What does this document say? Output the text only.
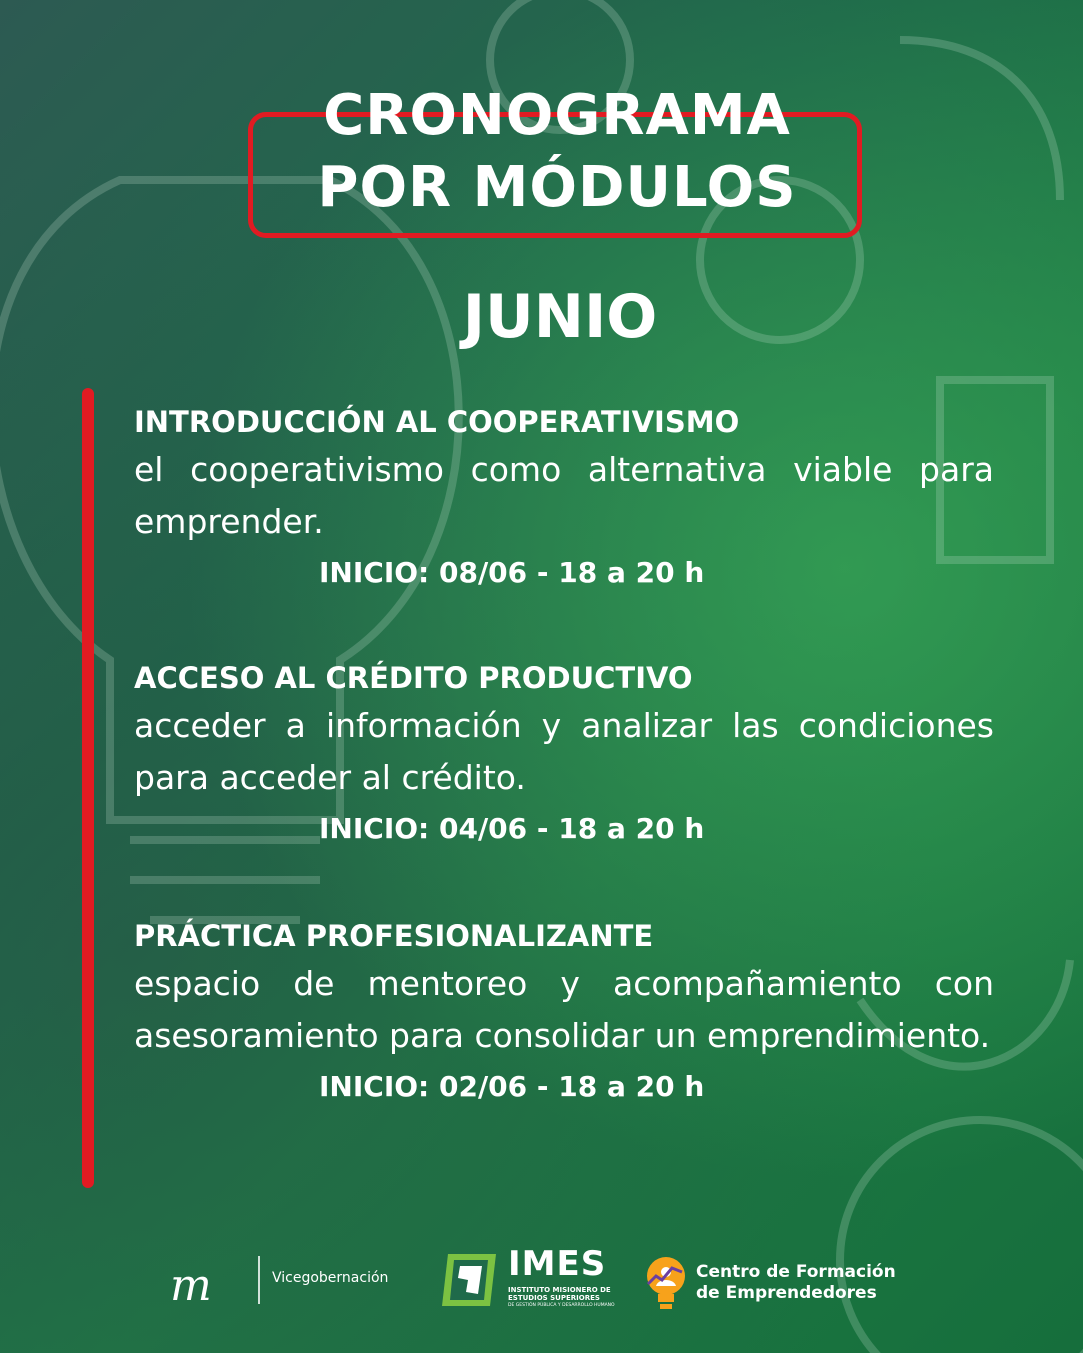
CRONOGRAMA
POR MÓDULOS
JUNIO
INTRODUCCIÓN AL COOPERATIVISMO

el cooperativismo como alternativa viable para emprender.

INICIO: 08/06 - 18 a 20 h
ACCESO AL CRÉDITO PRODUCTIVO

acceder a información y analizar las condiciones para acceder al crédito.

INICIO: 04/06 - 18 a 20 h
PRÁCTICA PROFESIONALIZANTE

espacio de mentoreo y acompañamiento con asesoramiento para consolidar un emprendimiento.

INICIO: 02/06 - 18 a 20 h
m	Vicegobernación	IMES
INSTITUTO MISIONERO DE ESTUDIOS SUPERIORES
DE GESTIÓN PÚBLICA Y DESARROLLO HUMANO
Centro de Formación
de Emprendedores
